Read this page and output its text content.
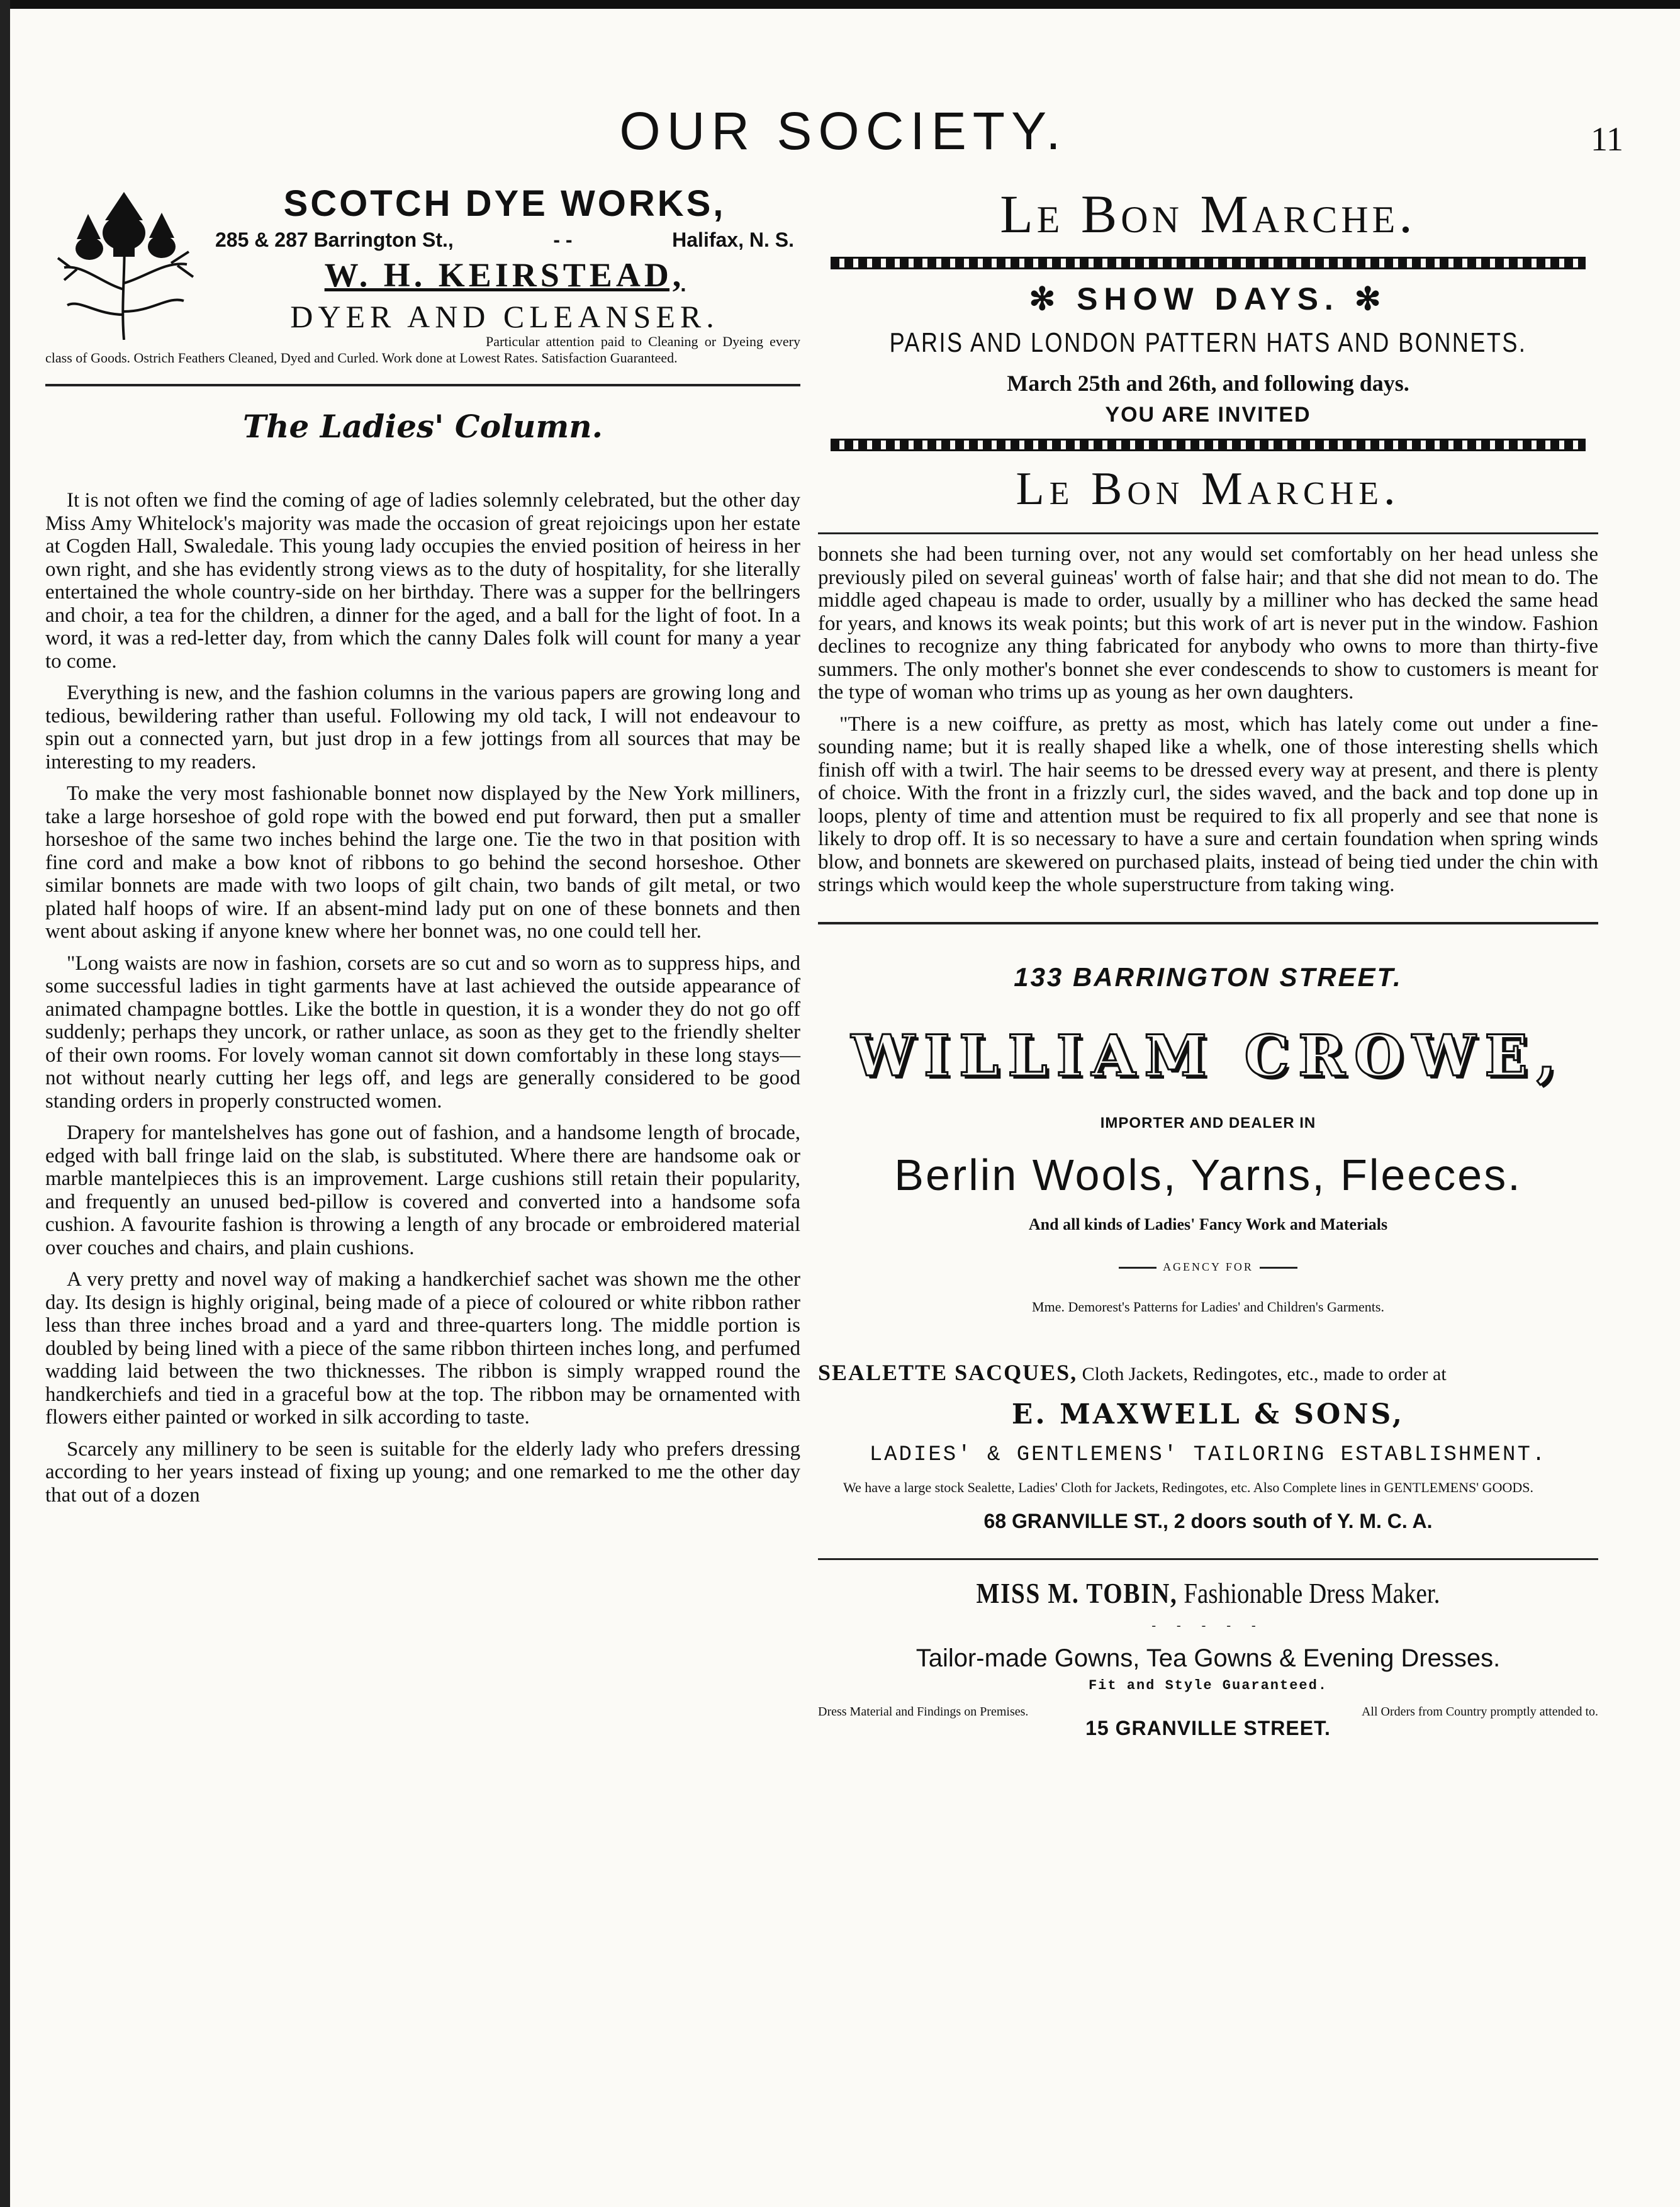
OUR SOCIETY.	11
SCOTCH DYE WORKS,
285 & 287 Barrington St.,	- -	Halifax, N. S.
W. H. KEIRSTEAD,
DYER AND CLEANSER.
Particular attention paid to Cleaning or Dyeing every class of Goods. Ostrich Feathers Cleaned, Dyed and Curled. Work done at Lowest Rates. Satisfaction Guaranteed.
The Ladies' Column.

It is not often we find the coming of age of ladies solemnly celebrated, but the other day Miss Amy Whitelock's majority was made the occasion of great rejoicings upon her estate at Cogden Hall, Swaledale. This young lady occupies the envied position of heiress in her own right, and she has evidently strong views as to the duty of hospitality, for she literally entertained the whole country-side on her birthday. There was a supper for the bellringers and choir, a tea for the children, a dinner for the aged, and a ball for the light of foot. In a word, it was a red-letter day, from which the canny Dales folk will count for many a year to come.

Everything is new, and the fashion columns in the various papers are growing long and tedious, bewildering rather than useful. Following my old tack, I will not endeavour to spin out a connected yarn, but just drop in a few jottings from all sources that may be interesting to my readers.

To make the very most fashionable bonnet now displayed by the New York milliners, take a large horseshoe of gold rope with the bowed end put forward, then put a smaller horseshoe of the same two inches behind the large one. Tie the two in that position with fine cord and make a bow knot of ribbons to go behind the second horseshoe. Other similar bonnets are made with two loops of gilt chain, two bands of gilt metal, or two plated half hoops of wire. If an absent-mind lady put on one of these bonnets and then went about asking if anyone knew where her bonnet was, no one could tell her.

"Long waists are now in fashion, corsets are so cut and so worn as to suppress hips, and some successful ladies in tight garments have at last achieved the outside appearance of animated champagne bottles. Like the bottle in question, it is a wonder they do not go off suddenly; perhaps they uncork, or rather unlace, as soon as they get to the friendly shelter of their own rooms. For lovely woman cannot sit down comfortably in these long stays—not without nearly cutting her legs off, and legs are generally considered to be good standing orders in properly constructed women.

Drapery for mantelshelves has gone out of fashion, and a handsome length of brocade, edged with ball fringe laid on the slab, is substituted. Where there are handsome oak or marble mantelpieces this is an improvement. Large cushions still retain their popularity, and frequently an unused bed-pillow is covered and converted into a handsome sofa cushion. A favourite fashion is throwing a length of any brocade or embroidered material over couches and chairs, and plain cushions.

A very pretty and novel way of making a handkerchief sachet was shown me the other day. Its design is highly original, being made of a piece of coloured or white ribbon rather less than three inches broad and a yard and three-quarters long. The middle portion is doubled by being lined with a piece of the same ribbon thirteen inches long, and perfumed wadding laid between the two thicknesses. The ribbon is simply wrapped round the handkerchiefs and tied in a graceful bow at the top. The ribbon may be ornamented with flowers either painted or worked in silk according to taste.

Scarcely any millinery to be seen is suitable for the elderly lady who prefers dressing according to her years instead of fixing up young; and one remarked to me the other day that out of a dozen

Le Bon Marche.
✻ SHOW DAYS. ✻
PARIS AND LONDON PATTERN HATS AND BONNETS.
March 25th and 26th, and following days.
YOU ARE INVITED
Le Bon Marche.

bonnets she had been turning over, not any would set comfortably on her head unless she previously piled on several guineas' worth of false hair; and that she did not mean to do. The middle aged chapeau is made to order, usually by a milliner who has decked the same head for years, and knows its weak points; but this work of art is never put in the window. Fashion declines to recognize any thing fabricated for anybody who owns to more than thirty-five summers. The only mother's bonnet she ever condescends to show to customers is meant for the type of woman who trims up as young as her own daughters.

"There is a new coiffure, as pretty as most, which has lately come out under a fine-sounding name; but it is really shaped like a whelk, one of those interesting shells which finish off with a twirl. The hair seems to be dressed every way at present, and there is plenty of choice. With the front in a frizzly curl, the sides waved, and the back and top done up in loops, plenty of time and attention must be required to fix all properly and see that none is likely to drop off. It is so necessary to have a sure and certain foundation when spring winds blow, and bonnets are skewered on purchased plaits, instead of being tied under the chin with strings which would keep the whole superstructure from taking wing.

133 BARRINGTON STREET.
WILLIAM CROWE,
IMPORTER AND DEALER IN
Berlin Wools, Yarns, Fleeces.
And all kinds of Ladies' Fancy Work and Materials
AGENCY FOR
Mme. Demorest's Patterns for Ladies' and Children's Garments.
SEALETTE SACQUES, Cloth Jackets, Redingotes, etc., made to order at
E. MAXWELL & SONS,
LADIES' & GENTLEMENS' TAILORING ESTABLISHMENT.
We have a large stock Sealette, Ladies' Cloth for Jackets, Redingotes, etc. Also Complete lines in GENTLEMENS' GOODS.
68 GRANVILLE ST., 2 doors south of Y. M. C. A.
MISS M. TOBIN, Fashionable Dress Maker.
- - - - -
Tailor-made Gowns, Tea Gowns & Evening Dresses.
Fit and Style Guaranteed.
Dress Material and Findings on Premises.	All Orders from Country promptly attended to.
15 GRANVILLE STREET.
